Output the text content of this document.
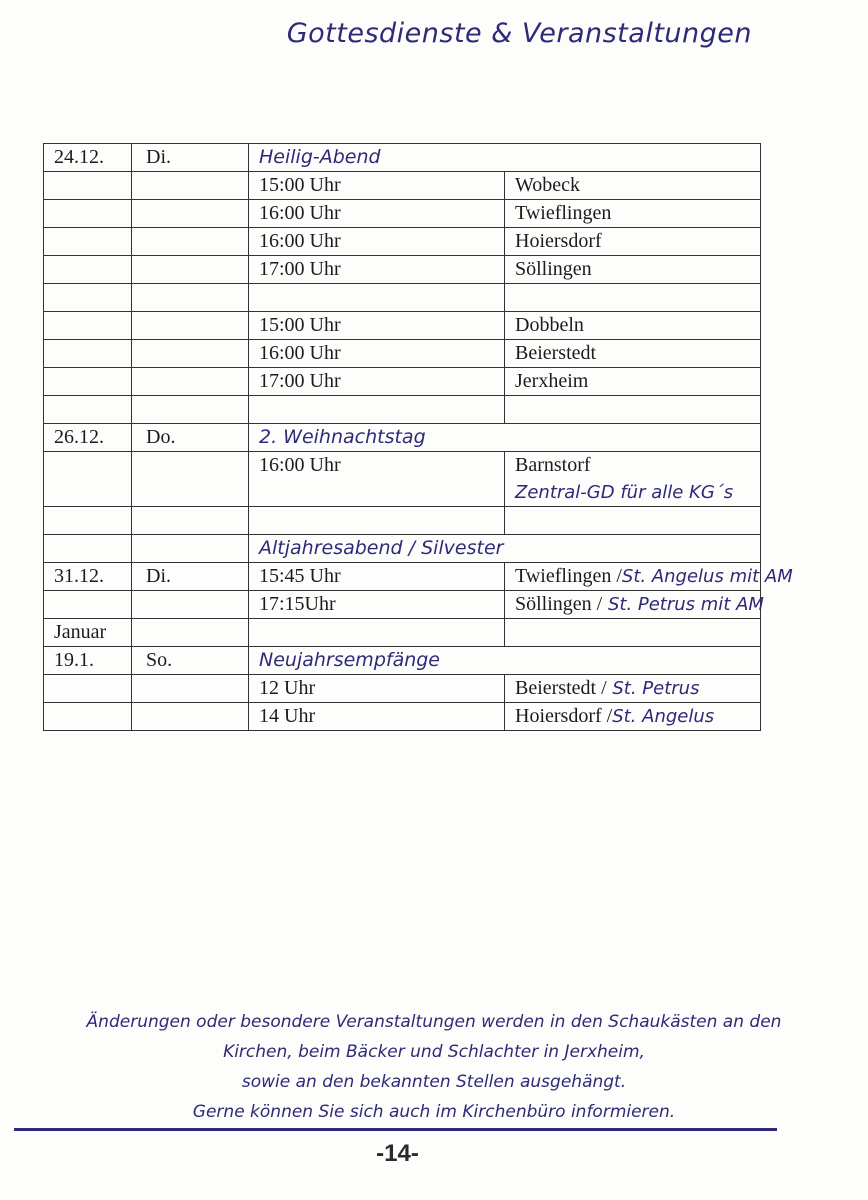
Gottesdienste & Veranstaltungen
24.12.	Di.	Heilig-Abend	
		15:00 Uhr	Wobeck
		16:00 Uhr	Twieflingen
		16:00 Uhr	Hoiersdorf
		17:00 Uhr	Söllingen

		15:00 Uhr	Dobbeln
		16:00 Uhr	Beierstedt
		17:00 Uhr	Jerxheim

26.12.	Do.	2. Weihnachtstag	
		16:00 Uhr	Barnstorf
Zentral-GD für alle KG´s

		Altjahresabend / Silvester	
31.12.	Di.	15:45 Uhr	Twieflingen /St. Angelus mit AM
		17:15Uhr	Söllingen / St. Petrus mit AM
Januar			
19.1.	So.	Neujahrsempfänge	
		12 Uhr	Beierstedt / St. Petrus
		14 Uhr	Hoiersdorf /St. Angelus
Änderungen oder besondere Veranstaltungen werden in den Schaukästen an den
Kirchen, beim Bäcker und Schlachter in Jerxheim,
sowie an den bekannten Stellen ausgehängt.
Gerne können Sie sich auch im Kirchenbüro informieren.
-14-
